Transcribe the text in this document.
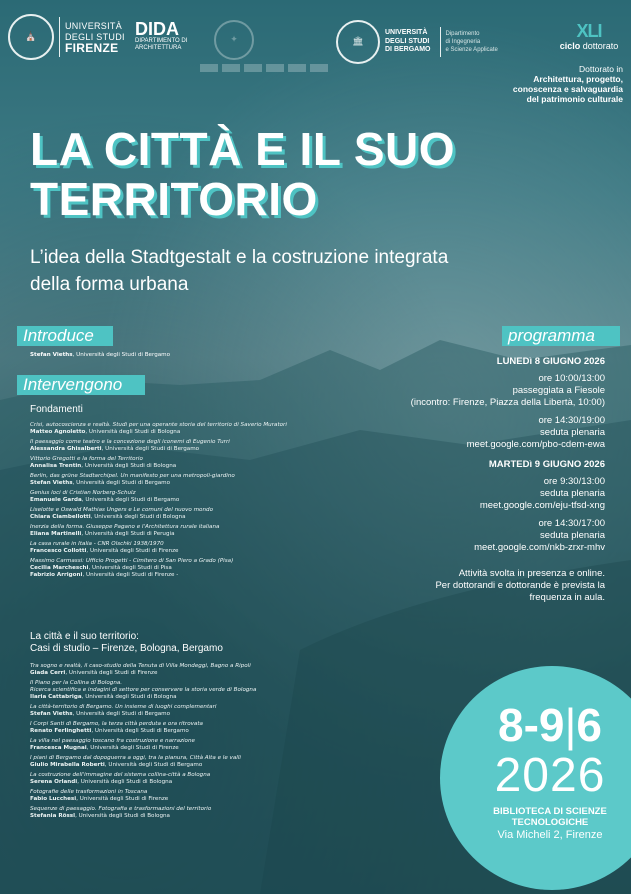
⛪
UNIVERSITÀ
DEGLI STUDI
FIRENZE
DIDA
DIPARTIMENTO DI
ARCHITETTURA
✦	🏛
UNIVERSITÀ
DEGLI STUDI
DI BERGAMO
Dipartimento
di Ingegneria
e Scienze Applicate
XLI
ciclo dottorato
Dottorato in
Architettura, progetto,
conoscenza e salvaguardia
del patrimonio culturale
LA CITTÀ E IL SUO
TERRITORIO
L’idea della Stadtgestalt e la costruzione integrata
della forma urbana
Introduce
Stefan Vieths, Università degli Studi di Bergamo
Intervengono
Fondamenti
Crisi, autocoscienza e realtà. Studi per una operante storia del territorio di Saverio Muratori
Matteo Agnoletto, Università degli Studi di Bologna
Il paesaggio come teatro e la concezione degli iconemi di Eugenio Turri
Alessandra Ghisalberti, Università degli Studi di Bergamo
Vittorio Gregotti e la forma del Territorio
Annalisa Trentin, Università degli Studi di Bologna
Berlin, das grüne Stadtarchipel. Un manifesto per una metropoli-giardino
Stefan Vieths, Università degli Studi di Bergamo
Genius loci di Cristian Norberg-Schulz
Emanuele Garda, Università degli Studi di Bergamo
Liselotte e Oswald Mathias Ungers e Le comuni del nuovo mondo
Chiara Ciambellotti, Università degli Studi di Bologna
Inerzia della forma. Giuseppe Pagano e l'Architettura rurale italiana
Eliana Martinelli, Università degli Studi di Perugia
La casa rurale in Italia - CNR Olschki 1938/1970
Francesco Collotti, Università degli Studi di Firenze
Massimo Carmassi: Ufficio Progetti - Cimitero di San Piero a Grado (Pisa)
Cecilia Marcheschi, Università degli Studi di Pisa
Fabrizio Arrigoni, Università degli Studi di Firenze -
La città e il suo territorio:
Casi di studio – Firenze, Bologna, Bergamo
Tra sogno e realtà, il caso-studio della Tenuta di Villa Mondeggi, Bagno a Ripoli
Giada Cerri, Università degli Studi di Firenze
Il Piano per la Collina di Bologna.
Ricerca scientifica e indagini di settore per conservare la storia verde di Bologna
Ilaria Cattabriga, Università degli Studi di Bologna
La città-territorio di Bergamo. Un insieme di luoghi complementari
Stefan Vieths, Università degli Studi di Bergamo
I Corpi Santi di Bergamo, la terza città perduta e ora ritrovata
Renato Ferlinghetti, Università degli Studi di Bergamo
La villa nel paesaggio toscano fra costruzione e narrazione
Francesca Mugnai, Università degli Studi di Firenze
I piani di Bergamo dal dopoguerra a oggi, tra la pianura, Città Alta e le valli
Giulio Mirabella Roberti, Università degli Studi di Bergamo
La costruzione dell'immagine del sistema collina-città a Bologna
Serena Orlandi, Università degli Studi di Bologna
Fotografie delle trasformazioni in Toscana
Fabio Lucchesi, Università degli Studi di Firenze
Sequenze di paesaggio. Fotografia e trasformazioni del territorio
Stefania Rössl, Università degli Studi di Bologna
programma
LUNEDì 8 GIUGNO 2026
ore 10:00/13:00
passeggiata a Fiesole
(incontro: Firenze, Piazza della Libertà, 10:00)
ore 14:30/19:00
seduta plenaria
meet.google.com/pbo-cdem-ewa
MARTEDì 9 GIUGNO 2026
ore 9:30/13:00
seduta plenaria
meet.google.com/eju-tfsd-xng
ore 14:30/17:00
seduta plenaria
meet.google.com/nkb-zrxr-mhv
Attività svolta in presenza e online.
Per dottorandi e dottorande è prevista la
frequenza in aula.
8-9|6
2026
BIBLIOTECA DI SCIENZE
TECNOLOGICHE
Via Micheli 2, Firenze
